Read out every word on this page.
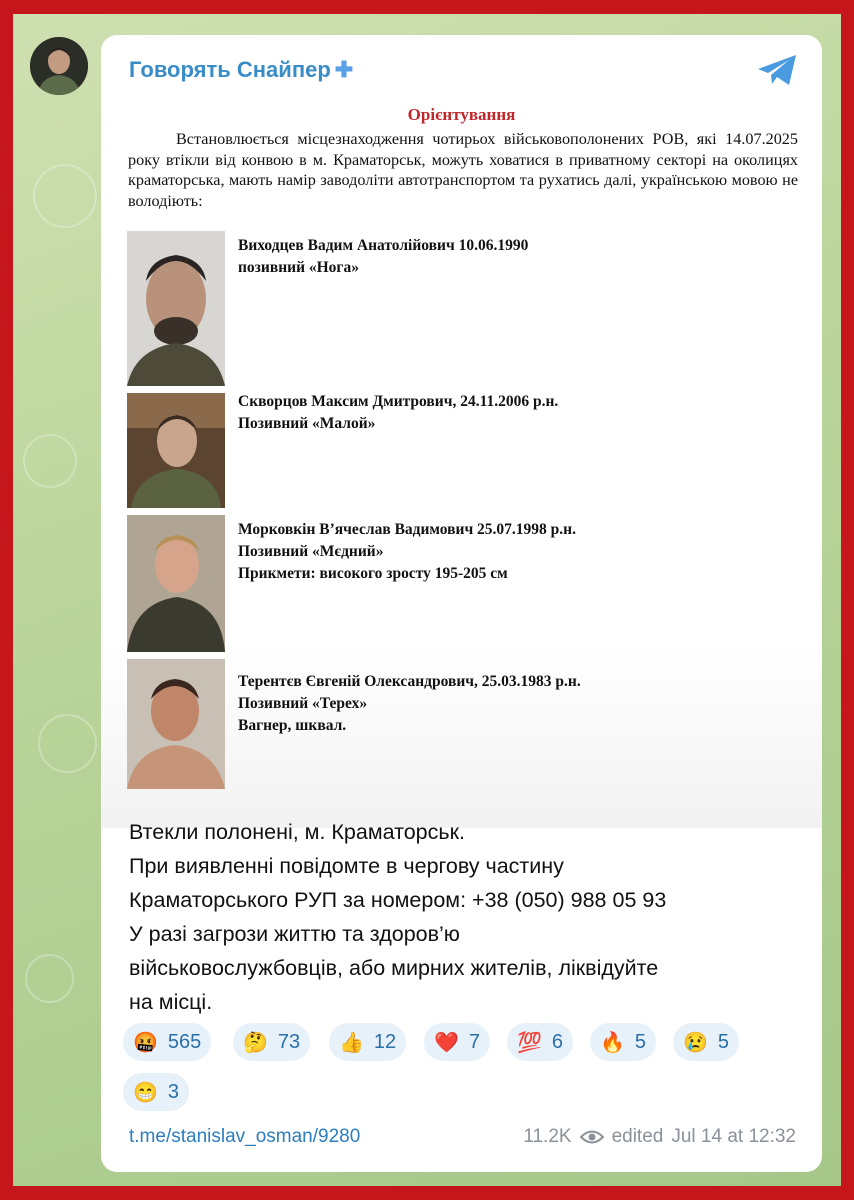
Говорять Снайпер ✚
Орієнтування
Встановлюється місцезнаходження чотирьох військовополонених РОВ, які 14.07.2025 року втікли від конвою в м. Краматорськ, можуть ховатися в приватному секторі на околицях краматорська, мають намір заводоліти автотранспортом та рухатись далі, українською мовою не володіють:
Виходцев Вадим Анатолійович 10.06.1990
позивний «Нога»
Скворцов Максим Дмитрович, 24.11.2006 р.н.
Позивний «Малой»
Морковкін В’ячеслав Вадимович 25.07.1998 р.н.
Позивний «Мєдний»
Прикмети: високого зросту 195-205 см
Терентєв Євгеній Олександрович, 25.03.1983 р.н.
Позивний «Терех»
Вагнер, шквал.
Втекли полонені, м. Краматорськ.
При виявленні повідомте в чергову частину
Краматорського РУП за номером: +38 (050) 988 05 93
У разі загрози життю та здоров’ю
військовослужбовців, або мирних жителів, ліквідуйте
на місці.
🤬 565 🤔 73 👍 12 ❤️ 7 💯 6 🔥 5 😢 5
😁 3
t.me/stanislav_osman/9280	11.2K edited Jul 14 at 12:32
